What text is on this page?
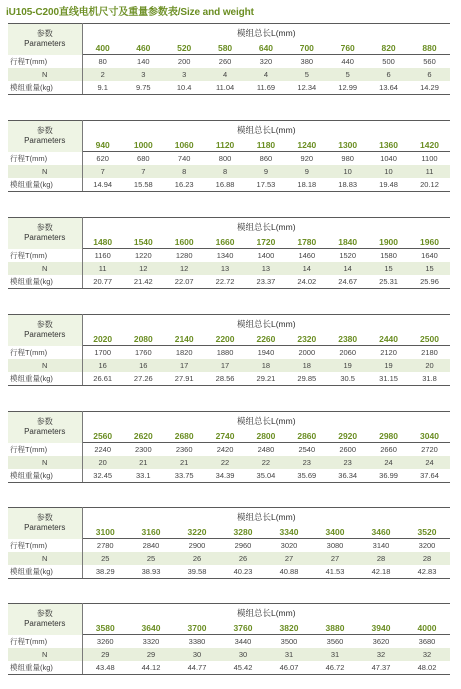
iU105-C200直线电机尺寸及重量参数表/Size and weight
参数
Parameters	模组总长L(mm)								
	400	460	520	580	640	700	760	820	880
行程T(mm)	80	140	200	260	320	380	440	500	560
N	2	3	3	4	4	5	5	6	6
模组重量(kg)	9.1	9.75	10.4	11.04	11.69	12.34	12.99	13.64	14.29
参数
Parameters	模组总长L(mm)								
	940	1000	1060	1120	1180	1240	1300	1360	1420
行程T(mm)	620	680	740	800	860	920	980	1040	1100
N	7	7	8	8	9	9	10	10	11
模组重量(kg)	14.94	15.58	16.23	16.88	17.53	18.18	18.83	19.48	20.12
参数
Parameters	模组总长L(mm)								
	1480	1540	1600	1660	1720	1780	1840	1900	1960
行程T(mm)	1160	1220	1280	1340	1400	1460	1520	1580	1640
N	11	12	12	13	13	14	14	15	15
模组重量(kg)	20.77	21.42	22.07	22.72	23.37	24.02	24.67	25.31	25.96
参数
Parameters	模组总长L(mm)								
	2020	2080	2140	2200	2260	2320	2380	2440	2500
行程T(mm)	1700	1760	1820	1880	1940	2000	2060	2120	2180
N	16	16	17	17	18	18	19	19	20
模组重量(kg)	26.61	27.26	27.91	28.56	29.21	29.85	30.5	31.15	31.8
参数
Parameters	模组总长L(mm)								
	2560	2620	2680	2740	2800	2860	2920	2980	3040
行程T(mm)	2240	2300	2360	2420	2480	2540	2600	2660	2720
N	20	21	21	22	22	23	23	24	24
模组重量(kg)	32.45	33.1	33.75	34.39	35.04	35.69	36.34	36.99	37.64
参数
Parameters	模组总长L(mm)							
	3100	3160	3220	3280	3340	3400	3460	3520
行程T(mm)	2780	2840	2900	2960	3020	3080	3140	3200
N	25	25	26	26	27	27	28	28
模组重量(kg)	38.29	38.93	39.58	40.23	40.88	41.53	42.18	42.83
参数
Parameters	模组总长L(mm)							
	3580	3640	3700	3760	3820	3880	3940	4000
行程T(mm)	3260	3320	3380	3440	3500	3560	3620	3680
N	29	29	30	30	31	31	32	32
模组重量(kg)	43.48	44.12	44.77	45.42	46.07	46.72	47.37	48.02
